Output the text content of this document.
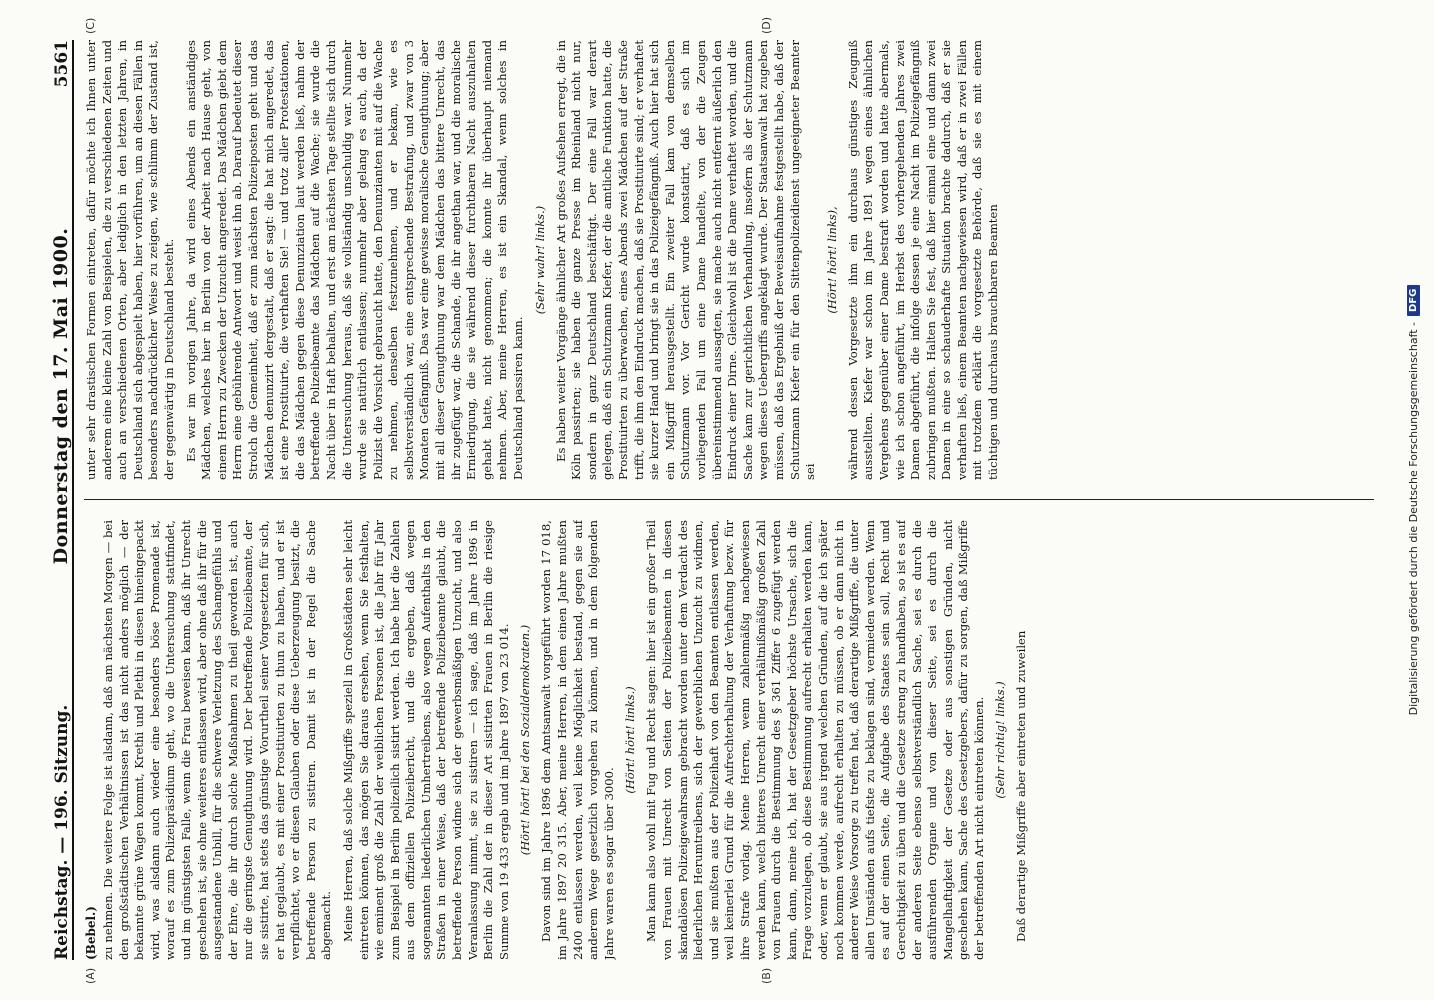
Reichstag. — 196. Sitzung.
Donnerstag den 17. Mai 1900.
5561
(Bebel.) zu nehmen. Die weitere Folge ist alsdann, daß am nächsten Morgen — bei den großstädtischen Verhältnissen ist das nicht anders möglich — der bekannte grüne Wagen kommt, Krethi und Plethi in diesen hineingepackt wird, was alsdann auch wieder eine besonders böse Promenade ist, worauf es zum Polizeipräsidium geht, wo die Untersuchung stattfindet, und im günstigsten Falle, wenn die Frau beweisen kann, daß ihr Unrecht geschehen ist, sie ohne weiteres entlassen wird, aber ohne daß ihr für die ausgestandene Unbill, für die schwere Verletzung des Schamgefühls und der Ehre, die ihr durch solche Maßnahmen zu theil geworden ist, auch nur die geringste Genugthuung wird. Der betreffende Polizeibeamte, der sie sistirte, hat stets das günstige Vorurtheil seiner Vorgesetzten für sich, er hat geglaubt, es mit einer Prostituirten zu thun zu haben, und er ist verpflichtet, wo er diesen Glauben oder diese Ueberzeugung besitzt, die betreffende Person zu sistiren. Damit ist in der Regel die Sache abgemacht. Meine Herren, daß solche Mißgriffe speziell in Großstädten sehr leicht eintreten können, das mögen Sie daraus ersehen, wenn Sie festhalten, wie eminent groß die Zahl der weiblichen Personen ist, die Jahr für Jahr zum Beispiel in Berlin polizeilich sistirt werden. Ich habe hier die Zahlen aus dem offiziellen Polizeibericht, und die ergeben, daß wegen sogenannten liederlichen Umhertreibens, also wegen Aufenthalts in den Straßen in einer Weise, daß der betreffende Polizeibeamte glaubt, die betreffende Person widme sich der gewerbsmäßigen Unzucht, und also Veranlassung nimmt, sie zu sistiren — ich sage, daß im Jahre 1896 in Berlin die Zahl der in dieser Art sistirten Frauen in Berlin die riesige Summe von 19 433 ergab und im Jahre 1897 von 23 014. (Hört! hört! bei den Sozialdemokraten.) Davon sind im Jahre 1896 dem Amtsanwalt vorgeführt worden 17 018, im Jahre 1897 20 315. Aber, meine Herren, in dem einen Jahre mußten 2400 entlassen werden, weil keine Möglichkeit bestand, gegen sie auf anderem Wege gesetzlich vorgehen zu können, und in dem folgenden Jahre waren es sogar über 3000.

(Hört! hört! links.) Man kann also wohl mit Fug und Recht sagen: hier ist ein großer Theil von Frauen mit Unrecht von Seiten der Polizeibeamten in diesen skandalösen Polizeigewahrsam gebracht worden unter dem Verdacht des liederlichen Herumtreibens, sich der gewerblichen Unzucht zu widmen, und sie mußten aus der Polizeihaft von den Beamten entlassen werden, weil keinerlei Grund für die Aufrechterhaltung der Verhaftung bezw. für ihre Strafe vorlag. Meine Herren, wenn zahlenmäßig nachgewiesen werden kann, welch bitteres Unrecht einer verhältnißmäßig großen Zahl von Frauen durch die Bestimmung des § 361 Ziffer 6 zugefügt werden kann, dann, meine ich, hat der Gesetzgeber höchste Ursache, sich die Frage vorzulegen, ob diese Bestimmung aufrecht erhalten werden kann, oder, wenn er glaubt, sie aus irgend welchen Gründen, auf die ich später noch kommen werde, aufrecht erhalten zu müssen, ob er dann nicht in anderer Weise Vorsorge zu treffen hat, daß derartige Mißgriffe, die unter allen Umständen aufs tiefste zu beklagen sind, vermieden werden. Wenn es auf der einen Seite, die Aufgabe des Staates sein soll, Recht und Gerechtigkeit zu üben und die Gesetze streng zu handhaben, so ist es auf der anderen Seite ebenso selbstverständlich Sache, sei es durch die ausführenden Organe und von dieser Seite, sei es durch die Mangelhaftigkeit der Gesetze oder aus sonstigen Gründen, nicht geschehen kann, Sache des Gesetzgebers, dafür zu sorgen, daß Mißgriffe der betreffenden Art nicht eintreten können. (Sehr richtig! links.) Daß derartige Mißgriffe aber eintreten und zuweilen

unter sehr drastischen Formen eintreten, dafür möchte ich Ihnen unter anderem eine kleine Zahl von Beispielen, die zu verschiedenen Zeiten und auch an verschiedenen Orten, aber lediglich in den letzten Jahren, in Deutschland sich abgespielt haben, hier vorführen, um an diesen Fällen in besonders nachdrücklicher Weise zu zeigen, wie schlimm der Zustand ist, der gegenwärtig in Deutschland besteht. Es war im vorigen Jahre, da wird eines Abends ein anständiges Mädchen, welches hier in Berlin von der Arbeit nach Hause geht, von einem Herrn zu Zwecken der Unzucht angeredet. Das Mädchen giebt dem Herrn eine gebührende Antwort und weist ihn ab. Darauf bedeutet dieser Strolch die Gemeinheit, daß er zum nächsten Polizeiposten geht und das Mädchen denunzirt dergestalt, daß er sagt: die hat mich angeredet, das ist eine Prostituirte, die verhaften Sie! — und trotz aller Protestationen, die das Mädchen gegen diese Denunziation laut werden ließ, nahm der betreffende Polizeibeamte das Mädchen auf die Wache; sie wurde die Nacht über in Haft behalten, und erst am nächsten Tage stellte sich durch die Untersuchung heraus, daß sie vollständig unschuldig war. Nunmehr wurde sie natürlich entlassen; nunmehr aber gelang es auch, da der Polizist die Vorsicht gebraucht hatte, den Denunzianten mit auf die Wache zu nehmen, denselben festzunehmen, und er bekam, wie es selbstverständlich war, eine entsprechende Bestrafung, und zwar von 3 Monaten Gefängniß. Das war eine gewisse moralische Genugthuung; aber mit all dieser Genugthuung war dem Mädchen das bittere Unrecht, das ihr zugefügt war, die Schande, die ihr angethan war, und die moralische Erniedrigung, die sie während dieser furchtbaren Nacht auszuhalten gehabt hatte, nicht genommen; die konnte ihr überhaupt niemand nehmen. Aber, meine Herren, es ist ein Skandal, wenn solches in Deutschland passiren kann.

(Sehr wahr! links.) Es haben weiter Vorgänge ähnlicher Art großes Aufsehen erregt, die in Köln passirten; sie haben die ganze Presse im Rheinland nicht nur, sondern in ganz Deutschland beschäftigt. Der eine Fall war derart gelegen, daß ein Schutzmann Kiefer, der die amtliche Funktion hatte, die Prostituirten zu überwachen, eines Abends zwei Mädchen auf der Straße trifft, die ihm den Eindruck machen, daß sie Prostituirte sind; er verhaftet sie kurzer Hand und bringt sie in das Polizeigefängniß. Auch hier hat sich ein Mißgriff herausgestellt. Ein zweiter Fall kam von demselben Schutzmann vor. Vor Gericht wurde konstatirt, daß es sich im vorliegenden Fall um eine Dame handelte, von der die Zeugen übereinstimmend aussagten, sie mache auch nicht entfernt äußerlich den Eindruck einer Dirne. Gleichwohl ist die Dame verhaftet worden, und die Sache kam zur gerichtlichen Verhandlung, insofern als der Schutzmann wegen dieses Uebergriffs angeklagt wurde. Der Staatsanwalt hat zugeben müssen, daß das Ergebniß der Beweisaufnahme festgestellt habe, daß der Schutzmann Kiefer ein für den Sittenpolizeidienst ungeeigneter Beamter sei

(Hört! hört! links), während dessen Vorgesetzte ihm ein durchaus günstiges Zeugniß ausstellten. Kiefer war schon im Jahre 1891 wegen eines ähnlichen Vergehens gegenüber einer Dame bestraft worden und hatte abermals, wie ich schon angeführt, im Herbst des vorhergehenden Jahres zwei Damen abgeführt, die infolge dessen je eine Nacht im Polizeigefängniß zubringen mußten. Halten Sie fest, daß hier einmal eine und dann zwei Damen in eine so schauderhafte Situation brachte dadurch, daß er sie verhaften ließ, einem Beamten nachgewiesen wird, daß er in zwei Fällen mit trotzdem erklärt die vorgesetzte Behörde, daß sie es mit einem tüchtigen und durchaus brauchbaren Beamten

(A)	(B)
(C)	(D)
Digitalisierung gefördert durch die Deutsche Forschungsgemeinschaft -
DFG
